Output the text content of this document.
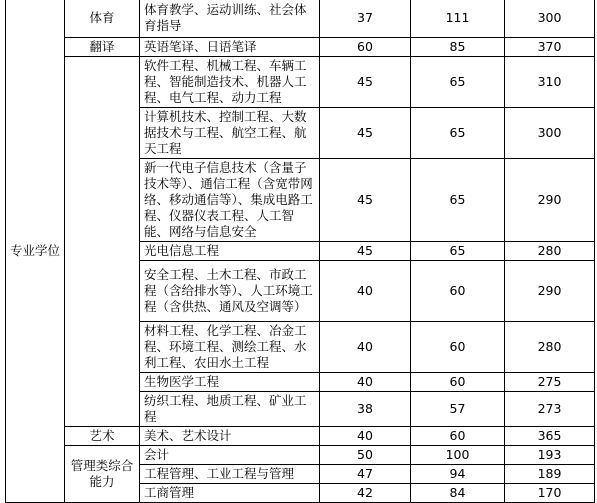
专业学位	体育	体育教学、运动训练、社会体育指导	37	111	300
	翻译	英语笔译、日语笔译	60	85	370
		软件工程、机械工程、车辆工程、智能制造技术、机器人工程、电气工程、动力工程	45	65	310
		计算机技术、控制工程、大数据技术与工程、航空工程、航天工程	45	65	300
		新一代电子信息技术（含量子技术等）、通信工程（含宽带网络、移动通信等）、集成电路工程、仪器仪表工程、人工智能、网络与信息安全	45	65	290
		光电信息工程	45	65	280
		安全工程、土木工程、市政工程（含给排水等）、人工环境工程（含供热、通风及空调等）	40	60	290
		材料工程、化学工程、冶金工程、环境工程、测绘工程、水利工程、农田水土工程	40	60	280
		生物医学工程	40	60	275
		纺织工程、地质工程、矿业工程	38	57	273
	艺术	美术、艺术设计	40	60	365
	管理类综合能力	会计	50	100	193
		工程管理、工业工程与管理	47	94	189
		工商管理	42	84	170
